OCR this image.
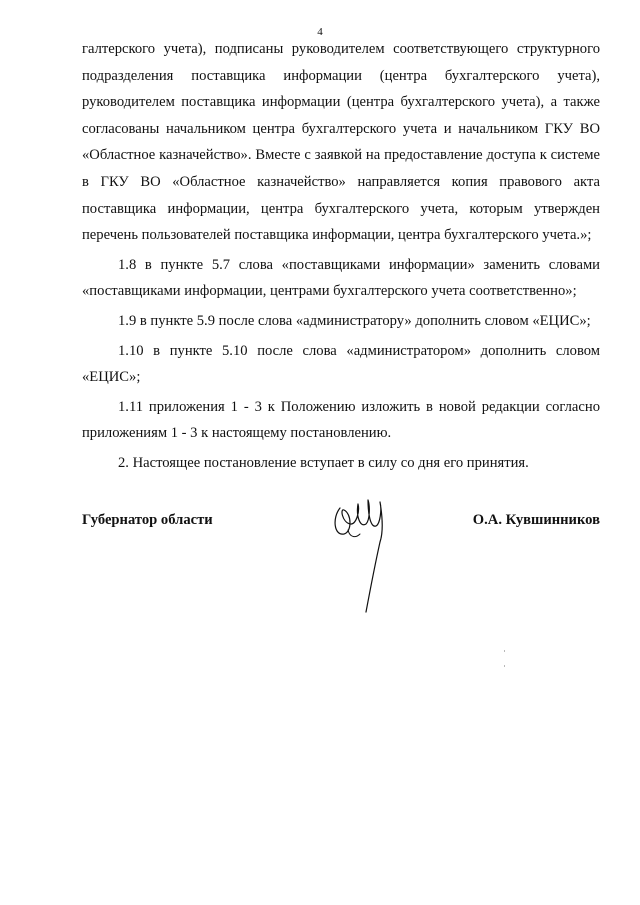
4

галтерского учета), подписаны руководителем соответствующего структурного подразделения поставщика информации (центра бухгалтерского учета), руководителем поставщика информации (центра бухгалтерского учета), а также согласованы начальником центра бухгалтерского учета и начальником ГКУ ВО «Областное казначейство». Вместе с заявкой на предоставление доступа к системе в ГКУ ВО «Областное казначейство» направляется копия правового акта поставщика информации, центра бухгалтерского учета, которым утвержден перечень пользователей поставщика информации, центра бухгалтерского учета.»;

1.8 в пункте 5.7 слова «поставщиками информации» заменить словами «поставщиками информации, центрами бухгалтерского учета соответственно»;

1.9 в пункте 5.9 после слова «администратору» дополнить словом «ЕЦИС»;

1.10 в пункте 5.10 после слова «администратором» дополнить словом «ЕЦИС»;

1.11 приложения 1 - 3 к Положению изложить в новой редакции согласно приложениям 1 - 3 к настоящему постановлению.

2. Настоящее постановление вступает в силу со дня его принятия.

Губернатор области	О.А. Кувшинников
